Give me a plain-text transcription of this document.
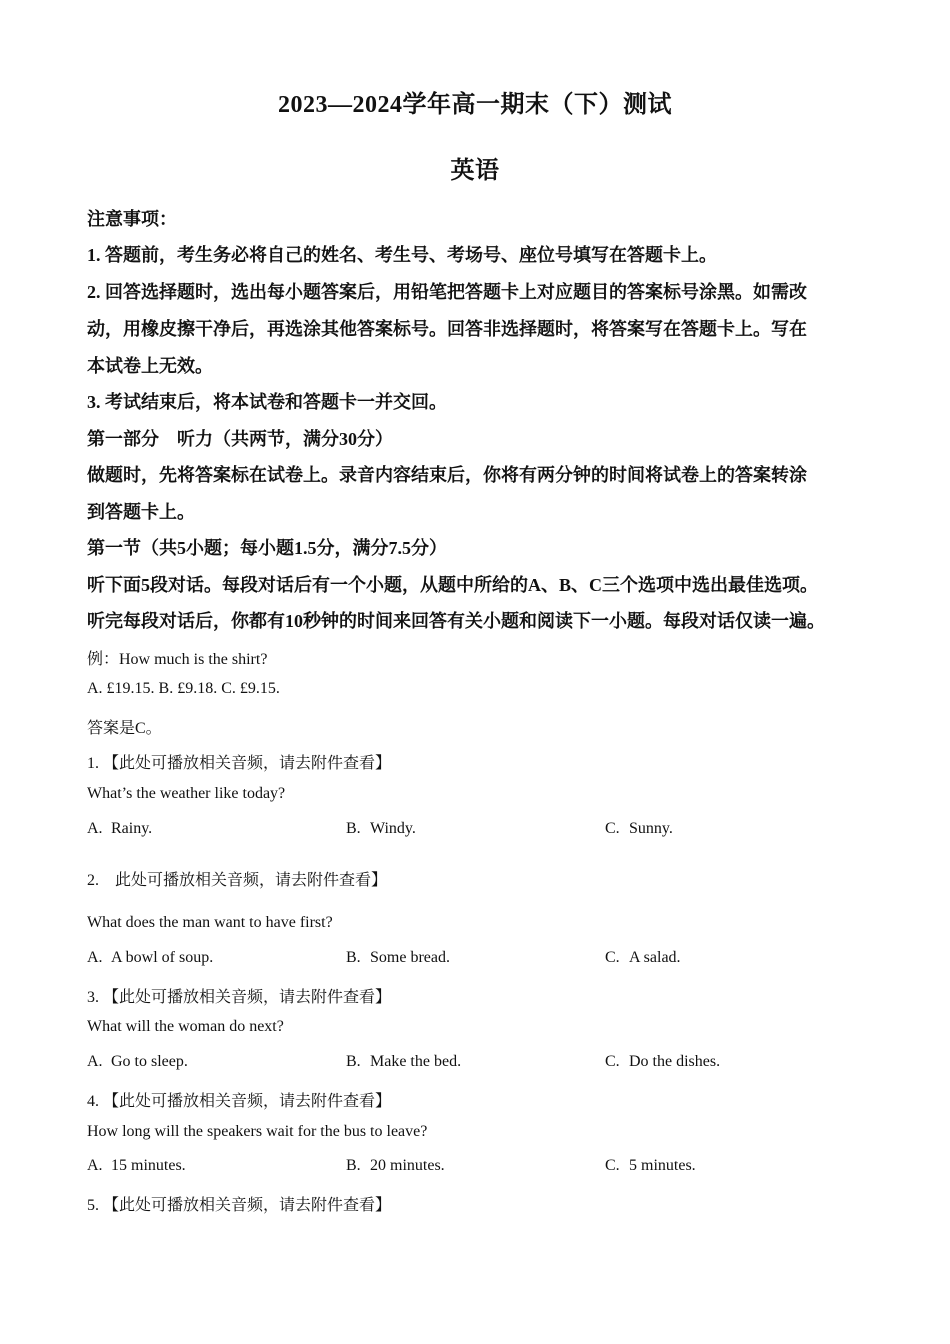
2023—2024学年高一期末（下）测试
英语
注意事项：
1. 答题前，考生务必将自己的姓名、考生号、考场号、座位号填写在答题卡上。
2. 回答选择题时，选出每小题答案后，用铅笔把答题卡上对应题目的答案标号涂黑。如需改
动，用橡皮擦干净后，再选涂其他答案标号。回答非选择题时，将答案写在答题卡上。写在
本试卷上无效。
3. 考试结束后，将本试卷和答题卡一并交回。
第一部分　听力（共两节，满分30分）
做题时，先将答案标在试卷上。录音内容结束后，你将有两分钟的时间将试卷上的答案转涂
到答题卡上。
第一节（共5小题；每小题1.5分，满分7.5分）
听下面5段对话。每段对话后有一个小题，从题中所给的A、B、C三个选项中选出最佳选项。
听完每段对话后，你都有10秒钟的时间来回答有关小题和阅读下一小题。每段对话仅读一遍。
例：How much is the shirt?
A. £19.15. B. £9.18. C. £9.15.
答案是C。
1. 【此处可播放相关音频，请去附件查看】
What’s the weather like today?
A. Rainy.	B. Windy.	C. Sunny.
2.　此处可播放相关音频，请去附件查看】
What does the man want to have first?
A. A bowl of soup.	B. Some bread.	C. A salad.
3. 【此处可播放相关音频，请去附件查看】
What will the woman do next?
A. Go to sleep.	B. Make the bed.	C. Do the dishes.
4. 【此处可播放相关音频，请去附件查看】
How long will the speakers wait for the bus to leave?
A. 15 minutes.	B. 20 minutes.	C. 5 minutes.
5. 【此处可播放相关音频，请去附件查看】
